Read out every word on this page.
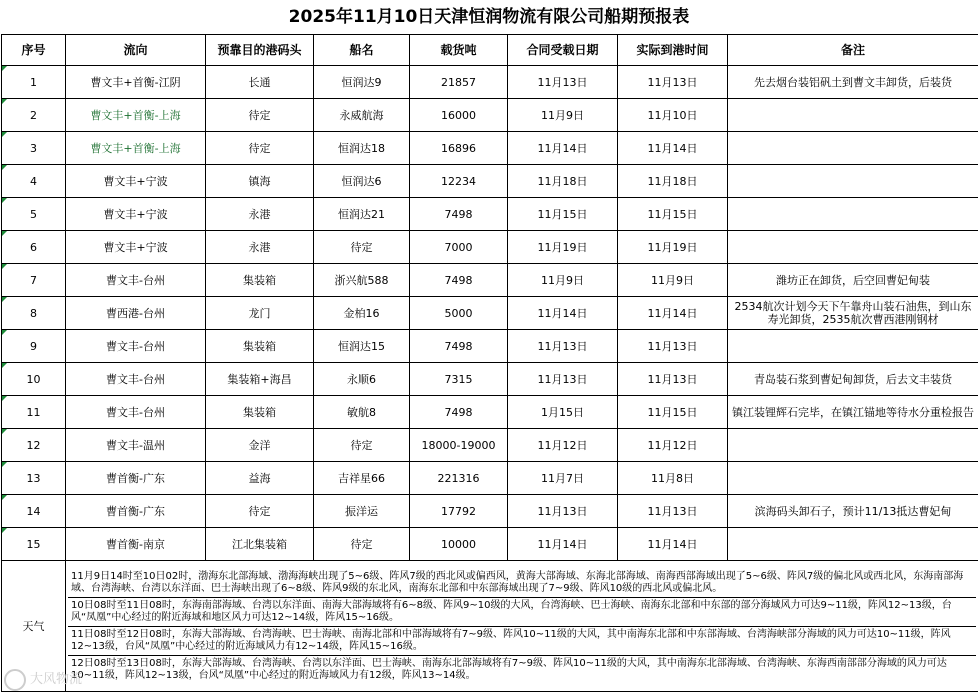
2025年11月10日天津恒润物流有限公司船期预报表
序号	流向	预靠目的港码头	船名	载货吨	合同受载日期	实际到港时间	备注
1	曹文丰+首衡-江阴	长通	恒润达9	21857	11月13日	11月13日	先去烟台装铝矾土到曹文丰卸货，后装货
2	曹文丰+首衡-上海	待定	永威航海	16000	11月9日	11月10日	
3	曹文丰+首衡-上海	待定	恒润达18	16896	11月14日	11月14日	
4	曹文丰+宁波	镇海	恒润达6	12234	11月18日	11月18日	
5	曹文丰+宁波	永港	恒润达21	7498	11月15日	11月15日	
6	曹文丰+宁波	永港	待定	7000	11月19日	11月19日	
7	曹文丰-台州	集装箱	浙兴航588	7498	11月9日	11月9日	潍坊正在卸货，后空回曹妃甸装
8	曹西港-台州	龙门	金柏16	5000	11月14日	11月14日	2534航次计划今天下午靠舟山装石油焦，到山东寿光卸货，2535航次曹西港刚钢材
9	曹文丰-台州	集装箱	恒润达15	7498	11月13日	11月13日	
10	曹文丰-台州	集装箱+海昌	永顺6	7315	11月13日	11月13日	青岛装石浆到曹妃甸卸货，后去文丰装货
11	曹文丰-台州	集装箱	敏航8	7498	1月15日	11月15日	镇江装锂辉石完毕，在镇江锚地等待水分重检报告
12	曹文丰-温州	金洋	待定	18000-19000	11月12日	11月12日	
13	曹首衡-广东	益海	吉祥星66	221316	11月7日	11月8日	
14	曹首衡-广东	待定	振洋运	17792	11月13日	11月13日	滨海码头卸石子，预计11/13抵达曹妃甸
15	曹首衡-南京	江北集装箱	待定	10000	11月14日	11月14日	
天气	11月9日14时至10日02时，渤海东北部海域、渤海海峡出现了5~6级、阵风7级的西北风或偏西风，黄海大部海域、东海北部海域、南海西部海域出现了5~6级、阵风7级的偏北风或西北风，东海南部海域、台湾海峡、台湾以东洋面、巴士海峡出现了6~8级、阵风9级的东北风，南海东北部和中东部海域出现了7~9级、阵风10级的西北风或偏北风。
10日08时至11日08时，东海南部海域、台湾以东洋面、南海大部海域将有6~8级、阵风9~10级的大风，台湾海峡、巴士海峡、南海东北部和中东部的部分海域风力可达9~11级，阵风12~13级，台风“凤凰”中心经过的附近海域和地区风力可达12~14级，阵风15~16级。
11日08时至12日08时，东海大部海域、台湾海峡、巴士海峡、南海北部和中部海域将有7~9级、阵风10~11级的大风，其中南海东北部和中东部海域、台湾海峡部分海域的风力可达10~11级，阵风12~13级，台风“凤凰”中心经过的附近海域风力有12~14级，阵风15~16级。
12日08时至13日08时，东海大部海域、台湾海峡、台湾以东洋面、巴士海峡、南海东北部海域将有7~9级、阵风10~11级的大风，其中南海东北部海域、台湾海峡、东海西南部部分海域的风力可达10~11级，阵风12~13级，台风“凤凰”中心经过的附近海域风力有12级，阵风13~14级。						
大风物流
